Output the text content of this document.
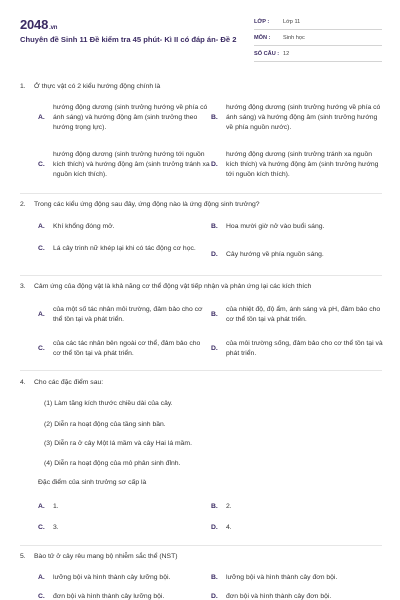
2048.vn
Chuyên đề Sinh 11 Đề kiểm tra 45 phút- Kì II có đáp án- Đề 2
LỚP :	Lớp 11
MÔN :	Sinh học
SỐ CÂU : 12
1.	Ở thực vật có 2 kiểu hướng động chính là
A.
hướng động dương (sinh trưởng hướng về phía có ánh sáng) và hướng động âm (sinh trưởng theo hướng trọng lực).
B.
hướng động dương (sinh trưởng hướng về phía có ánh sáng) và hướng động âm (sinh trưởng hướng về phía nguồn nước).
C.
hướng động dương (sinh trưởng hướng tới nguồn kích thích) và hướng động âm (sinh trưởng tránh xa nguồn kích thích).
D.
hướng động dương (sinh trưởng tránh xa nguồn kích thích) và hướng động âm (sinh trưởng hướng tới nguồn kích thích).
2.	Trong các kiểu ứng động sau đây, ứng động nào là ứng động sinh trưởng?
A.	Khí khổng đóng mở.	B.	Hoa mười giờ nở vào buổi sáng.
C.	Lá cây trinh nữ khép lại khi có tác động cơ học.
D.	Cây hướng về phía nguồn sáng.
3.	Cảm ứng của động vật là khả năng cơ thể động vật tiếp nhận và phản ứng lại các kích thích
A.
của một số tác nhân môi trường, đảm bảo cho cơ thể tồn tại và phát triển.
B.
của nhiệt độ, độ ẩm, ánh sáng và pH, đảm bảo cho cơ thể tồn tại và phát triển.
C.
của các tác nhân bên ngoài cơ thể, đảm bảo cho cơ thể tồn tại và phát triển.
D.
của môi trường sống, đảm bảo cho cơ thể tồn tại và phát triển.
4.	Cho các đặc điểm sau:
(1) Làm tăng kích thước chiều dài của cây.
(2) Diễn ra hoạt động của tầng sinh bần.
(3) Diễn ra ở cây Một lá mầm và cây Hai lá mầm.
(4) Diễn ra hoạt động của mô phân sinh đỉnh.
Đặc điểm của sinh trưởng sơ cấp là
A.	1.	B.	2.
C.	3.	D.	4.
5.	Bào tử ở cây rêu mang bộ nhiễm sắc thể (NST)
A.	lưỡng bội và hình thành cây lưỡng bội.	B.	lưỡng bội và hình thành cây đơn bội.
C.	đơn bội và hình thành cây lưỡng bội.	D.	đơn bội và hình thành cây đơn bội.
